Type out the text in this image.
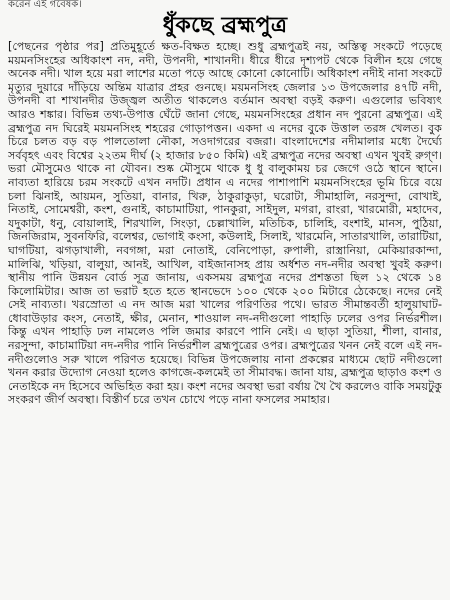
করেন এই গবেষক।
ধুঁকছে ব্রহ্মপুত্র

[পেছনের পৃষ্ঠার পর] প্রতিমুহূর্তে ক্ষত-বিক্ষত হচ্ছে। শুধু ব্রহ্মপুত্রই নয়, অস্তিত্ব সংকটে পড়েছে ময়মনসিংহের অধিকাংশ নদ, নদী, উপনদী, শাখানদী। ধীরে ধীরে দৃশ্যপট থেকে বিলীন হয়ে গেছে অনেক নদী। খাল হয়ে মরা লাশের মতো পড়ে আছে কোনো কোনোটি। অধিকাংশ নদীই নানা সংকটে মৃত্যুর দুয়ারে দাঁড়িয়ে অন্তিম যাত্রার প্রহর গুনছে। ময়মনসিংহ জেলার ১৩ উপজেলার ৪৭টি নদী, উপনদী বা শাখানদীর উজ্জ্বল অতীত থাকলেও বর্তমান অবস্থা বড়ই করুণ। এগুলোর ভবিষ্যৎ আরও শঙ্কার। বিভিন্ন তথ্য-উপাত্ত ঘেঁটে জানা গেছে, ময়মনসিংহের প্রধান নদ পুরনো ব্রহ্মপুত্র। এই ব্রহ্মপুত্র নদ ঘিরেই ময়মনসিংহ শহরের গোড়াপত্তন। একদা এ নদের বুকে উত্তাল তরঙ্গ খেলত। বুক চিরে চলত বড় বড় পালতোলা নৌকা, সওদাগরের বজরা। বাংলাদেশের নদীমালার মধ্যে দৈর্ঘ্যে সর্ববৃহৎ এবং বিশ্বের ২২তম দীর্ঘ (২ হাজার ৮৫০ কিমি) এই ব্রহ্মপুত্র নদের অবস্থা এখন খুবই রুগ্ণ। ভরা মৌসুমেও থাকে না যৌবন। শুষ্ক মৌসুমে থাকে ধু ধু বালুকাময় চর জেগে ওঠে স্থানে স্থানে। নাব্যতা হারিয়ে চরম সংকটে এখন নদটি। প্রধান এ নদের পাশাপাশি ময়মনসিংহের ভূমি চিরে বয়ে চলা ঝিনাই, আয়মন, সুতিয়া, বানার, খিরু, ঠাকুরাকুড়া, ঘরোটা, সীমাহালি, নরসুন্দা, বোখাই, নিতাই, সোমেশ্বরী, কংশ, গুনাই, কাচামাটিয়া, পানকুরা, সাইদুল, মগরা, রাংরা, খারমোরী, মহাদেব, যদুকাটা, ধনু, বোয়ালাই, শিরখালি, সিংড়া, চেল্লাখালি, মতিচিক, চালিহি, বংশাই, মানস, পুঠিয়া, জিনজিরাম, সুবনফিরি, বলেশ্বর, ভোগাই কংসা, কউলাই, সিলাই, খারমেনি, সাতারখালি, তারাটিয়া, ঘাগটিয়া, ঝগড়াখালী, নবগঙ্গা, মরা নোতাই, বেনিপোড়া, রুপালী, রাস্ত্রানিয়া, মেকিয়ারকান্দা, মালিঝি, খড়িয়া, বালুয়া, আনই, আখিল, বাইজানাসহ প্রায় অর্ধশত নদ-নদীর অবস্থা খুবই করুণ। স্থানীয় পানি উন্নয়ন বোর্ড সূত্র জানায়, একসময় ব্রহ্মপুত্র নদের প্রশস্ততা ছিল ১২ থেকে ১৪ কিলোমিটার। আজ তা ভরাট হতে হতে স্থানভেদে ১০০ থেকে ২০০ মিটারে ঠেকেছে। নদের নেই সেই নাব্যতা। খরস্রোতা এ নদ আজ মরা খালের পরিণতির পথে। ভারত সীমান্তবর্তী হালুয়াঘাট-ধোবাউড়ার কংস, নেতাই, ক্ষীর, মেনান, শাওয়াল নদ-নদীগুলো পাহাড়ি ঢলের ওপর নির্ভরশীল। কিন্তু এখন পাহাড়ি ঢল নামলেও পলি জমার কারণে পানি নেই। এ ছাড়া সুতিয়া, শীলা, বানার, নরসুন্দা, কাচামাটিয়া নদ-নদীর পানি নির্ভরশীল ব্রহ্মপুত্রের ওপর। ব্রহ্মপুত্রের খনন নেই বলে এই নদ-নদীগুলোও সরু খালে পরিণত হয়েছে। বিভিন্ন উপজেলায় নানা প্রকল্পের মাধ্যমে ছোট নদীগুলো খনন করার উদ্যোগ নেওয়া হলেও কাগজে-কলমেই তা সীমাবদ্ধ। জানা যায়, ব্রহ্মপুত্র ছাড়াও কংশ ও নেতাইকে নদ হিসেবে অভিহিত করা হয়। কংশ নদের অবস্থা ভরা বর্ষায় খৈ খৈ করলেও বাকি সময়টুকু সংকরণ জীর্ণ অবস্থা। বিস্তীর্ণ চরে তখন চোখে পড়ে নানা ফসলের সমাহার।
